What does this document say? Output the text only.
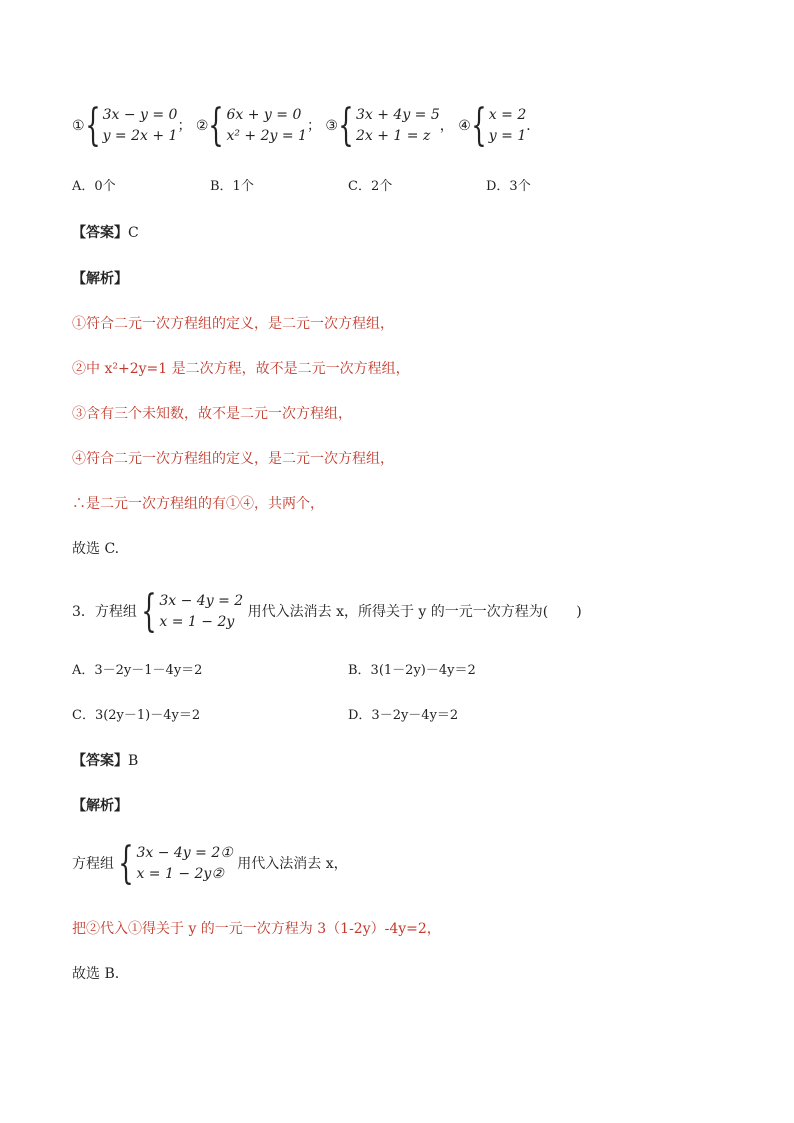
① { 3x − y = 0
y = 2x + 1
；
② { 6x + y = 0
x² + 2y = 1
；
③ { 3x + 4y = 5
2x + 1 = z
，
④ { x = 2
y = 1
．
A．0个	B．1个	C．2个	D．3个
【答案】C
【解析】
①符合二元一次方程组的定义，是二元一次方程组，
②中 x²+2y=1 是二次方程，故不是二元一次方程组，
③含有三个未知数，故不是二元一次方程组，
④符合二元一次方程组的定义，是二元一次方程组，
∴是二元一次方程组的有①④，共两个，
故选 C.
3．方程组 { 3x − 4y = 2
x = 1 − 2y
用代入法消去 x，所得关于 y 的一元一次方程为(　　)
A．3－2y－1－4y＝2	B．3(1－2y)－4y＝2
C．3(2y－1)－4y＝2	D．3－2y－4y＝2
【答案】B
【解析】
方程组 { 3x − 4y = 2①
x = 1 − 2y②
用代入法消去 x，
把②代入①得关于 y 的一元一次方程为 3（1-2y）-4y=2，
故选 B.
